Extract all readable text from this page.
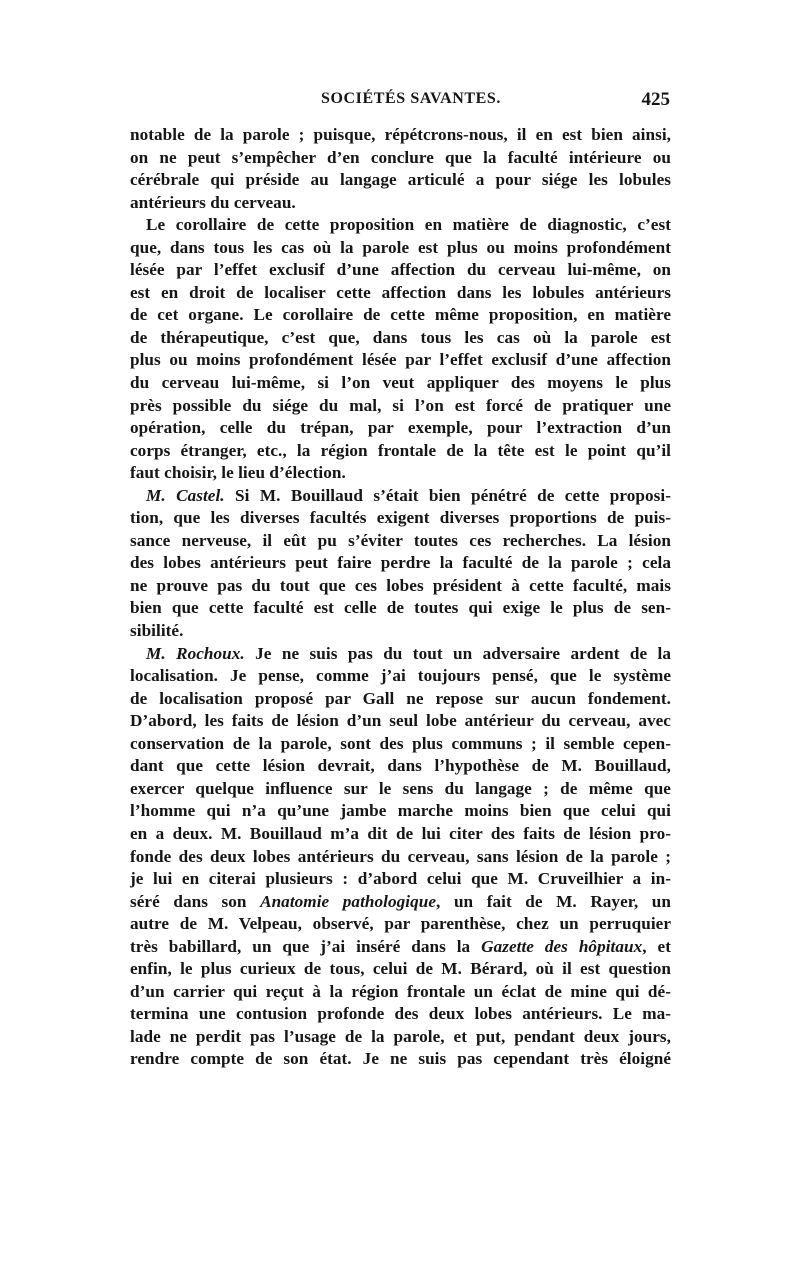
SOCIÉTÉS SAVANTES.	425
notable de la parole ; puisque, répétcrons-nous, il en est bien ainsi,
on ne peut s’empêcher d’en conclure que la faculté intérieure ou
cérébrale qui préside au langage articulé a pour siége les lobules
antérieurs du cerveau.
Le corollaire de cette proposition en matière de diagnostic, c’est
que, dans tous les cas où la parole est plus ou moins profondément
lésée par l’effet exclusif d’une affection du cerveau lui-même, on
est en droit de localiser cette affection dans les lobules antérieurs
de cet organe. Le corollaire de cette même proposition, en matière
de thérapeutique, c’est que, dans tous les cas où la parole est
plus ou moins profondément lésée par l’effet exclusif d’une affection
du cerveau lui-même, si l’on veut appliquer des moyens le plus
près possible du siége du mal, si l’on est forcé de pratiquer une
opération, celle du trépan, par exemple, pour l’extraction d’un
corps étranger, etc., la région frontale de la tête est le point qu’il
faut choisir, le lieu d’élection.
M. Castel. Si M. Bouillaud s’était bien pénétré de cette proposi-
tion, que les diverses facultés exigent diverses proportions de puis-
sance nerveuse, il eût pu s’éviter toutes ces recherches. La lésion
des lobes antérieurs peut faire perdre la faculté de la parole ; cela
ne prouve pas du tout que ces lobes président à cette faculté, mais
bien que cette faculté est celle de toutes qui exige le plus de sen-
sibilité.
M. Rochoux. Je ne suis pas du tout un adversaire ardent de la
localisation. Je pense, comme j’ai toujours pensé, que le système
de localisation proposé par Gall ne repose sur aucun fondement.
D’abord, les faits de lésion d’un seul lobe antérieur du cerveau, avec
conservation de la parole, sont des plus communs ; il semble cepen-
dant que cette lésion devrait, dans l’hypothèse de M. Bouillaud,
exercer quelque influence sur le sens du langage ; de même que
l’homme qui n’a qu’une jambe marche moins bien que celui qui
en a deux. M. Bouillaud m’a dit de lui citer des faits de lésion pro-
fonde des deux lobes antérieurs du cerveau, sans lésion de la parole ;
je lui en citerai plusieurs : d’abord celui que M. Cruveilhier a in-
séré dans son Anatomie pathologique, un fait de M. Rayer, un
autre de M. Velpeau, observé, par parenthèse, chez un perruquier
très babillard, un que j’ai inséré dans la Gazette des hôpitaux, et
enfin, le plus curieux de tous, celui de M. Bérard, où il est question
d’un carrier qui reçut à la région frontale un éclat de mine qui dé-
termina une contusion profonde des deux lobes antérieurs. Le ma-
lade ne perdit pas l’usage de la parole, et put, pendant deux jours,
rendre compte de son état. Je ne suis pas cependant très éloigné
